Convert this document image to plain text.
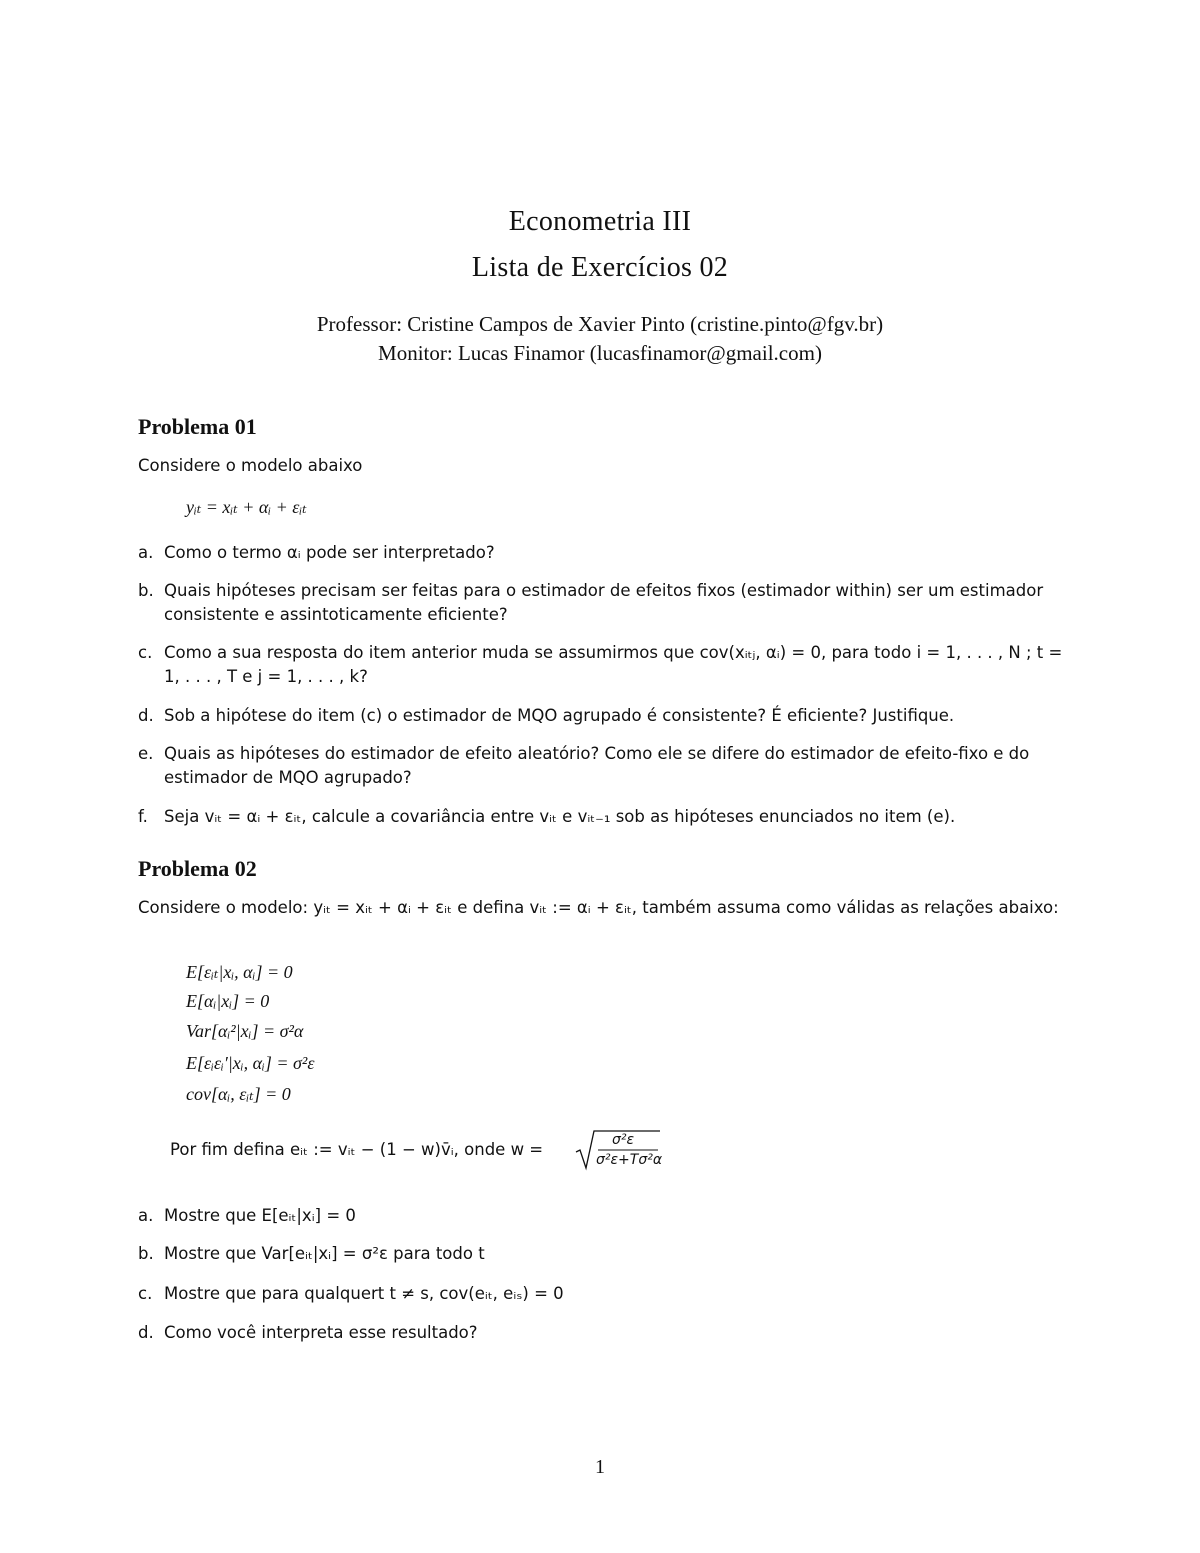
Econometria III
Lista de Exercícios 02
Professor: Cristine Campos de Xavier Pinto (cristine.pinto@fgv.br)
Monitor: Lucas Finamor (lucasfinamor@gmail.com)
Problema 01
Considere o modelo abaixo
yᵢₜ = xᵢₜ + αᵢ + εᵢₜ
a. Como o termo αᵢ pode ser interpretado?
b. Quais hipóteses precisam ser feitas para o estimador de efeitos fixos (estimador within) ser um estimador consistente e assintoticamente eficiente?
c. Como a sua resposta do item anterior muda se assumirmos que cov(xᵢₜⱼ, αᵢ) = 0, para todo i = 1, . . . , N ; t = 1, . . . , T e j = 1, . . . , k?
d. Sob a hipótese do item (c) o estimador de MQO agrupado é consistente? É eficiente? Justifique.
e. Quais as hipóteses do estimador de efeito aleatório? Como ele se difere do estimador de efeito-fixo e do estimador de MQO agrupado?
f. Seja vᵢₜ = αᵢ + εᵢₜ, calcule a covariância entre vᵢₜ e vᵢₜ₋₁ sob as hipóteses enunciados no item (e).
Problema 02
Considere o modelo: yᵢₜ = xᵢₜ + αᵢ + εᵢₜ e defina vᵢₜ := αᵢ + εᵢₜ, também assuma como válidas as relações abaixo:
E[εᵢₜ|xᵢ, αᵢ] = 0
E[αᵢ|xᵢ] = 0
Var[αᵢ²|xᵢ] = σ²α
E[εᵢεᵢ′|xᵢ, αᵢ] = σ²ε
cov[αᵢ, εᵢₜ] = 0
Por fim defina eᵢₜ := vᵢₜ − (1 − w)v̄ᵢ, onde w =	σ²ε
σ²ε+Tσ²α
a. Mostre que E[eᵢₜ|xᵢ] = 0
b. Mostre que Var[eᵢₜ|xᵢ] = σ²ε para todo t
c. Mostre que para qualquert t ≠ s, cov(eᵢₜ, eᵢₛ) = 0
d. Como você interpreta esse resultado?
1
